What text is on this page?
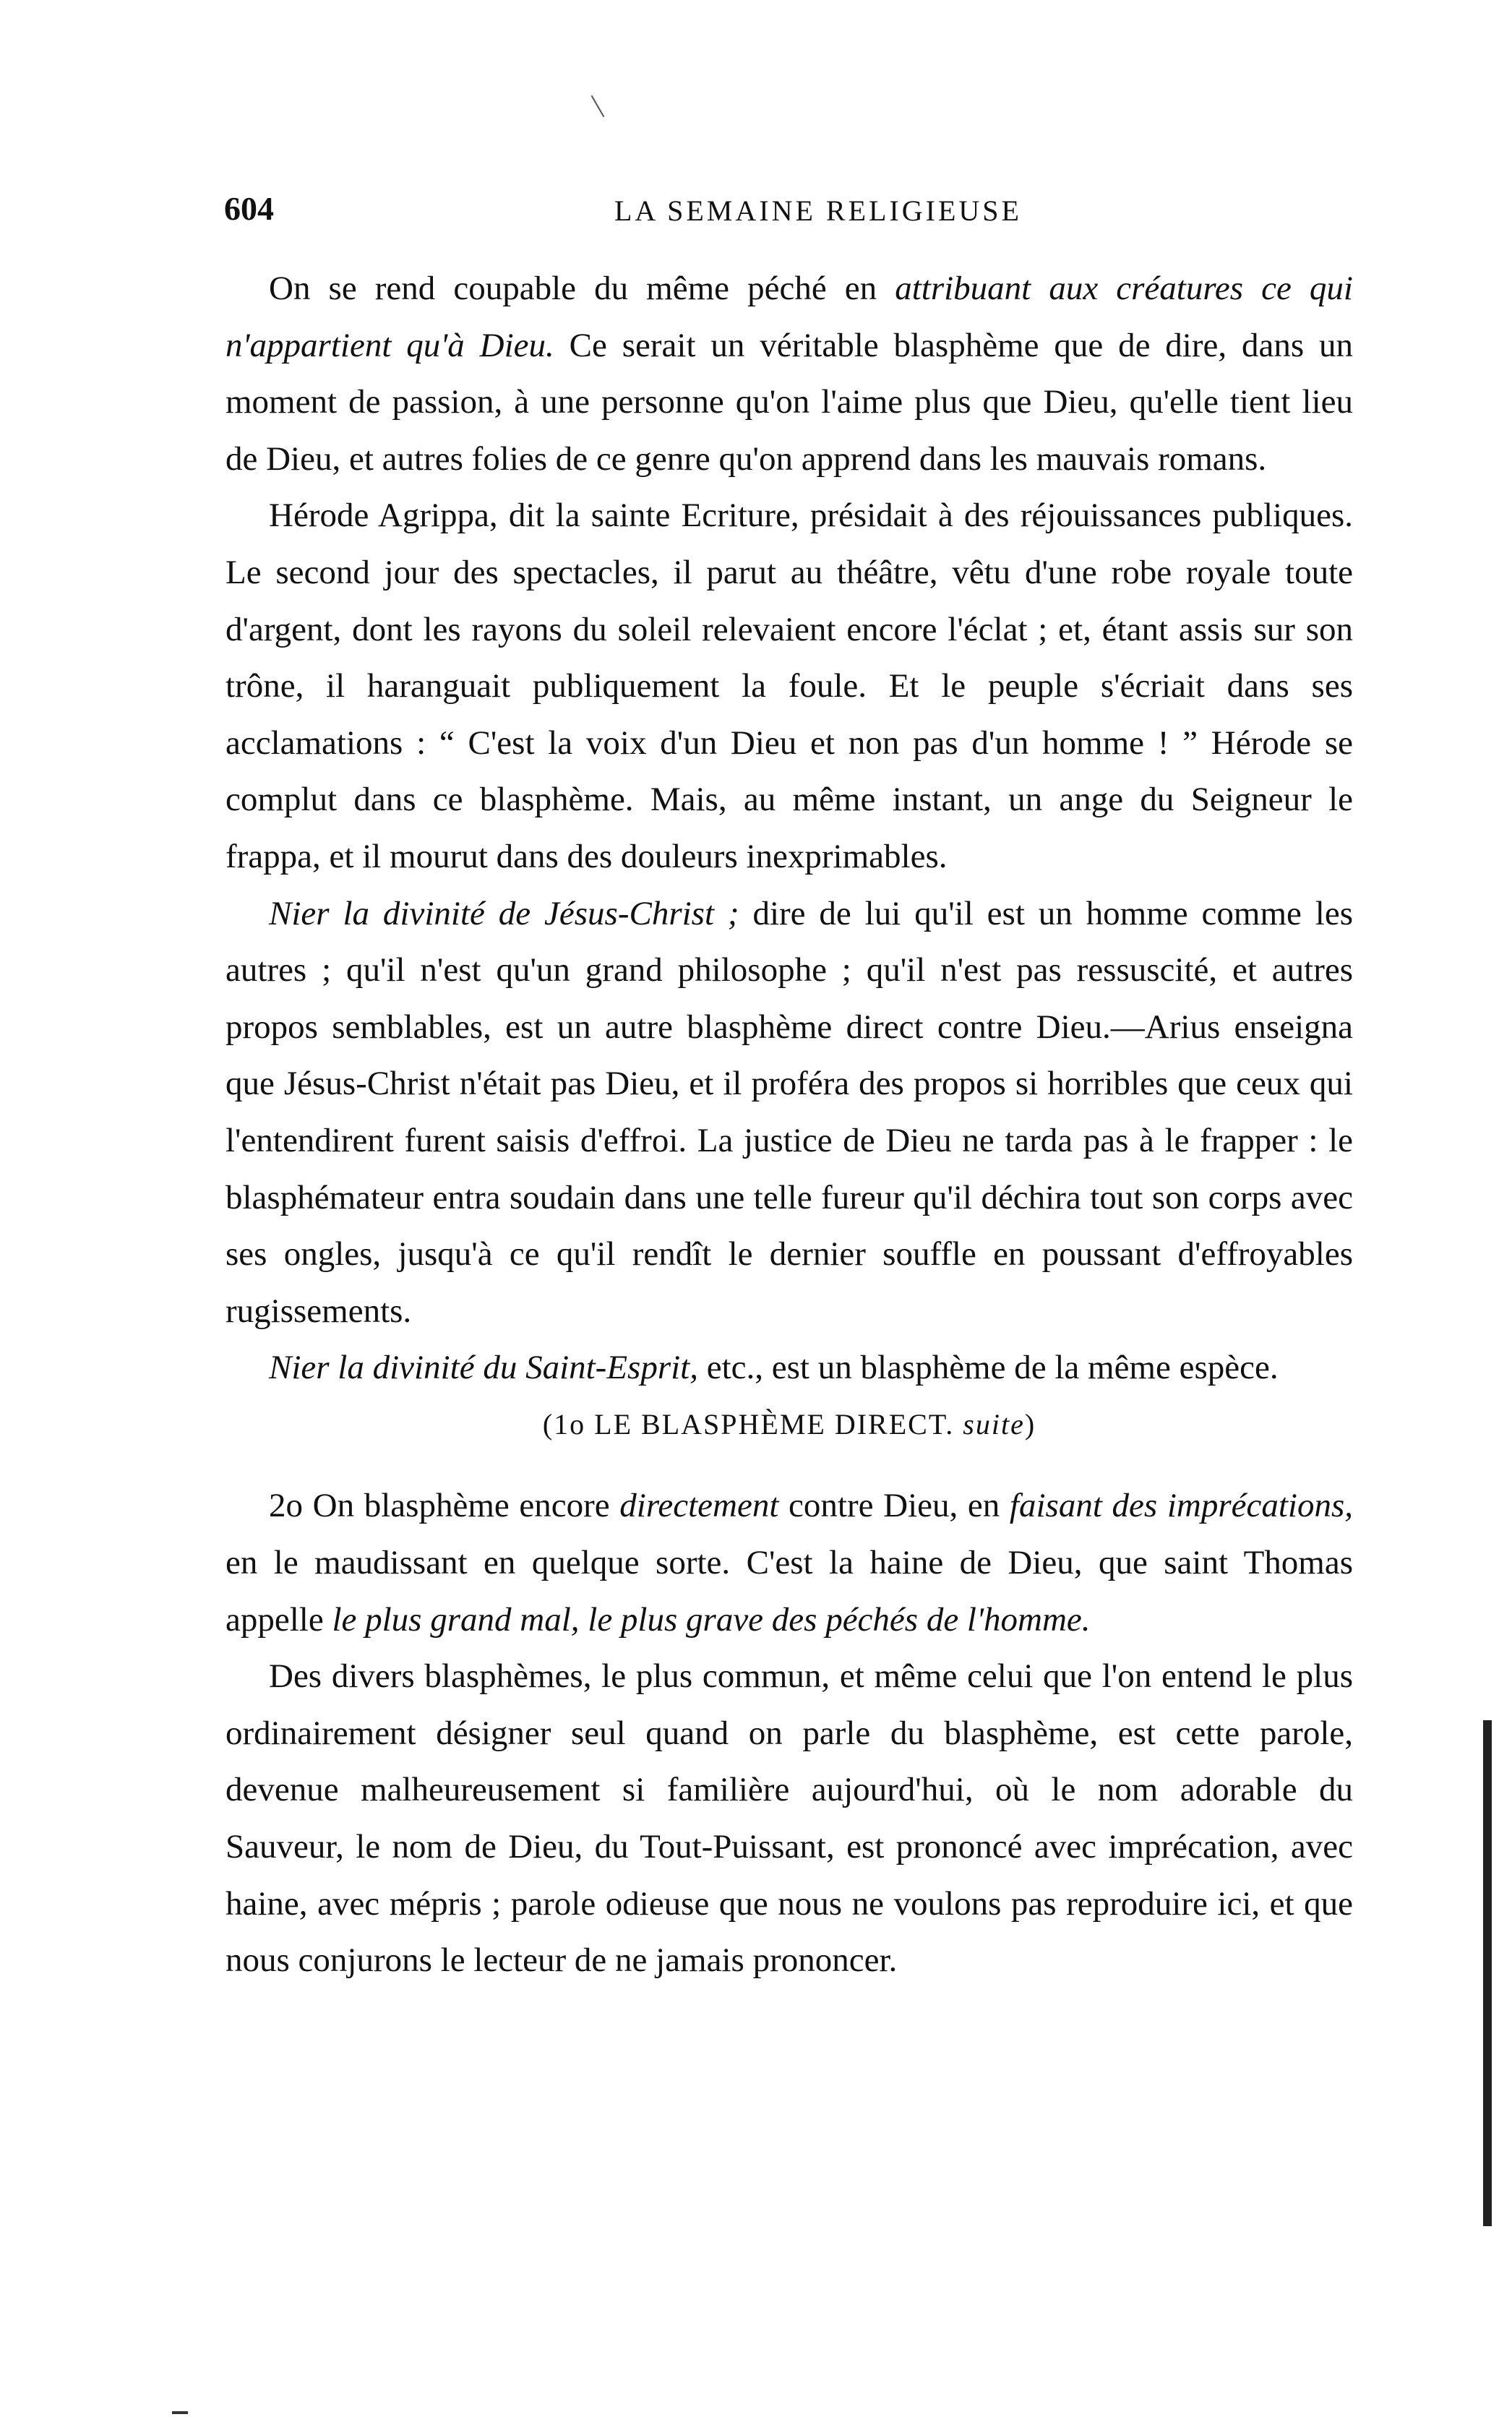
604	LA SEMAINE RELIGIEUSE

On se rend coupable du même péché en attribuant aux créatures ce qui n'appartient qu'à Dieu. Ce serait un véritable blasphème que de dire, dans un moment de passion, à une personne qu'on l'aime plus que Dieu, qu'elle tient lieu de Dieu, et autres folies de ce genre qu'on apprend dans les mauvais romans.

Hérode Agrippa, dit la sainte Ecriture, présidait à des réjouissances publiques. Le second jour des spectacles, il parut au théâtre, vêtu d'une robe royale toute d'argent, dont les rayons du soleil relevaient encore l'éclat ; et, étant assis sur son trône, il haranguait publiquement la foule. Et le peuple s'écriait dans ses acclamations : “ C'est la voix d'un Dieu et non pas d'un homme ! ” Hérode se complut dans ce blasphème. Mais, au même instant, un ange du Seigneur le frappa, et il mourut dans des douleurs inexprimables.

Nier la divinité de Jésus-Christ ; dire de lui qu'il est un homme comme les autres ; qu'il n'est qu'un grand philosophe ; qu'il n'est pas ressuscité, et autres propos semblables, est un autre blasphème direct contre Dieu.—Arius enseigna que Jésus-Christ n'était pas Dieu, et il proféra des propos si horribles que ceux qui l'entendirent furent saisis d'effroi. La justice de Dieu ne tarda pas à le frapper : le blasphémateur entra soudain dans une telle fureur qu'il déchira tout son corps avec ses ongles, jusqu'à ce qu'il rendît le dernier souffle en poussant d'effroyables rugissements.

Nier la divinité du Saint-Esprit, etc., est un blasphème de la même espèce.

(1o LE BLASPHÈME DIRECT. suite)

2o On blasphème encore directement contre Dieu, en faisant des imprécations, en le maudissant en quelque sorte. C'est la haine de Dieu, que saint Thomas appelle le plus grand mal, le plus grave des péchés de l'homme.

Des divers blasphèmes, le plus commun, et même celui que l'on entend le plus ordinairement désigner seul quand on parle du blasphème, est cette parole, devenue malheureusement si familière aujourd'hui, où le nom adorable du Sauveur, le nom de Dieu, du Tout-Puissant, est prononcé avec imprécation, avec haine, avec mépris ; parole odieuse que nous ne voulons pas reproduire ici, et que nous conjurons le lecteur de ne jamais prononcer.
